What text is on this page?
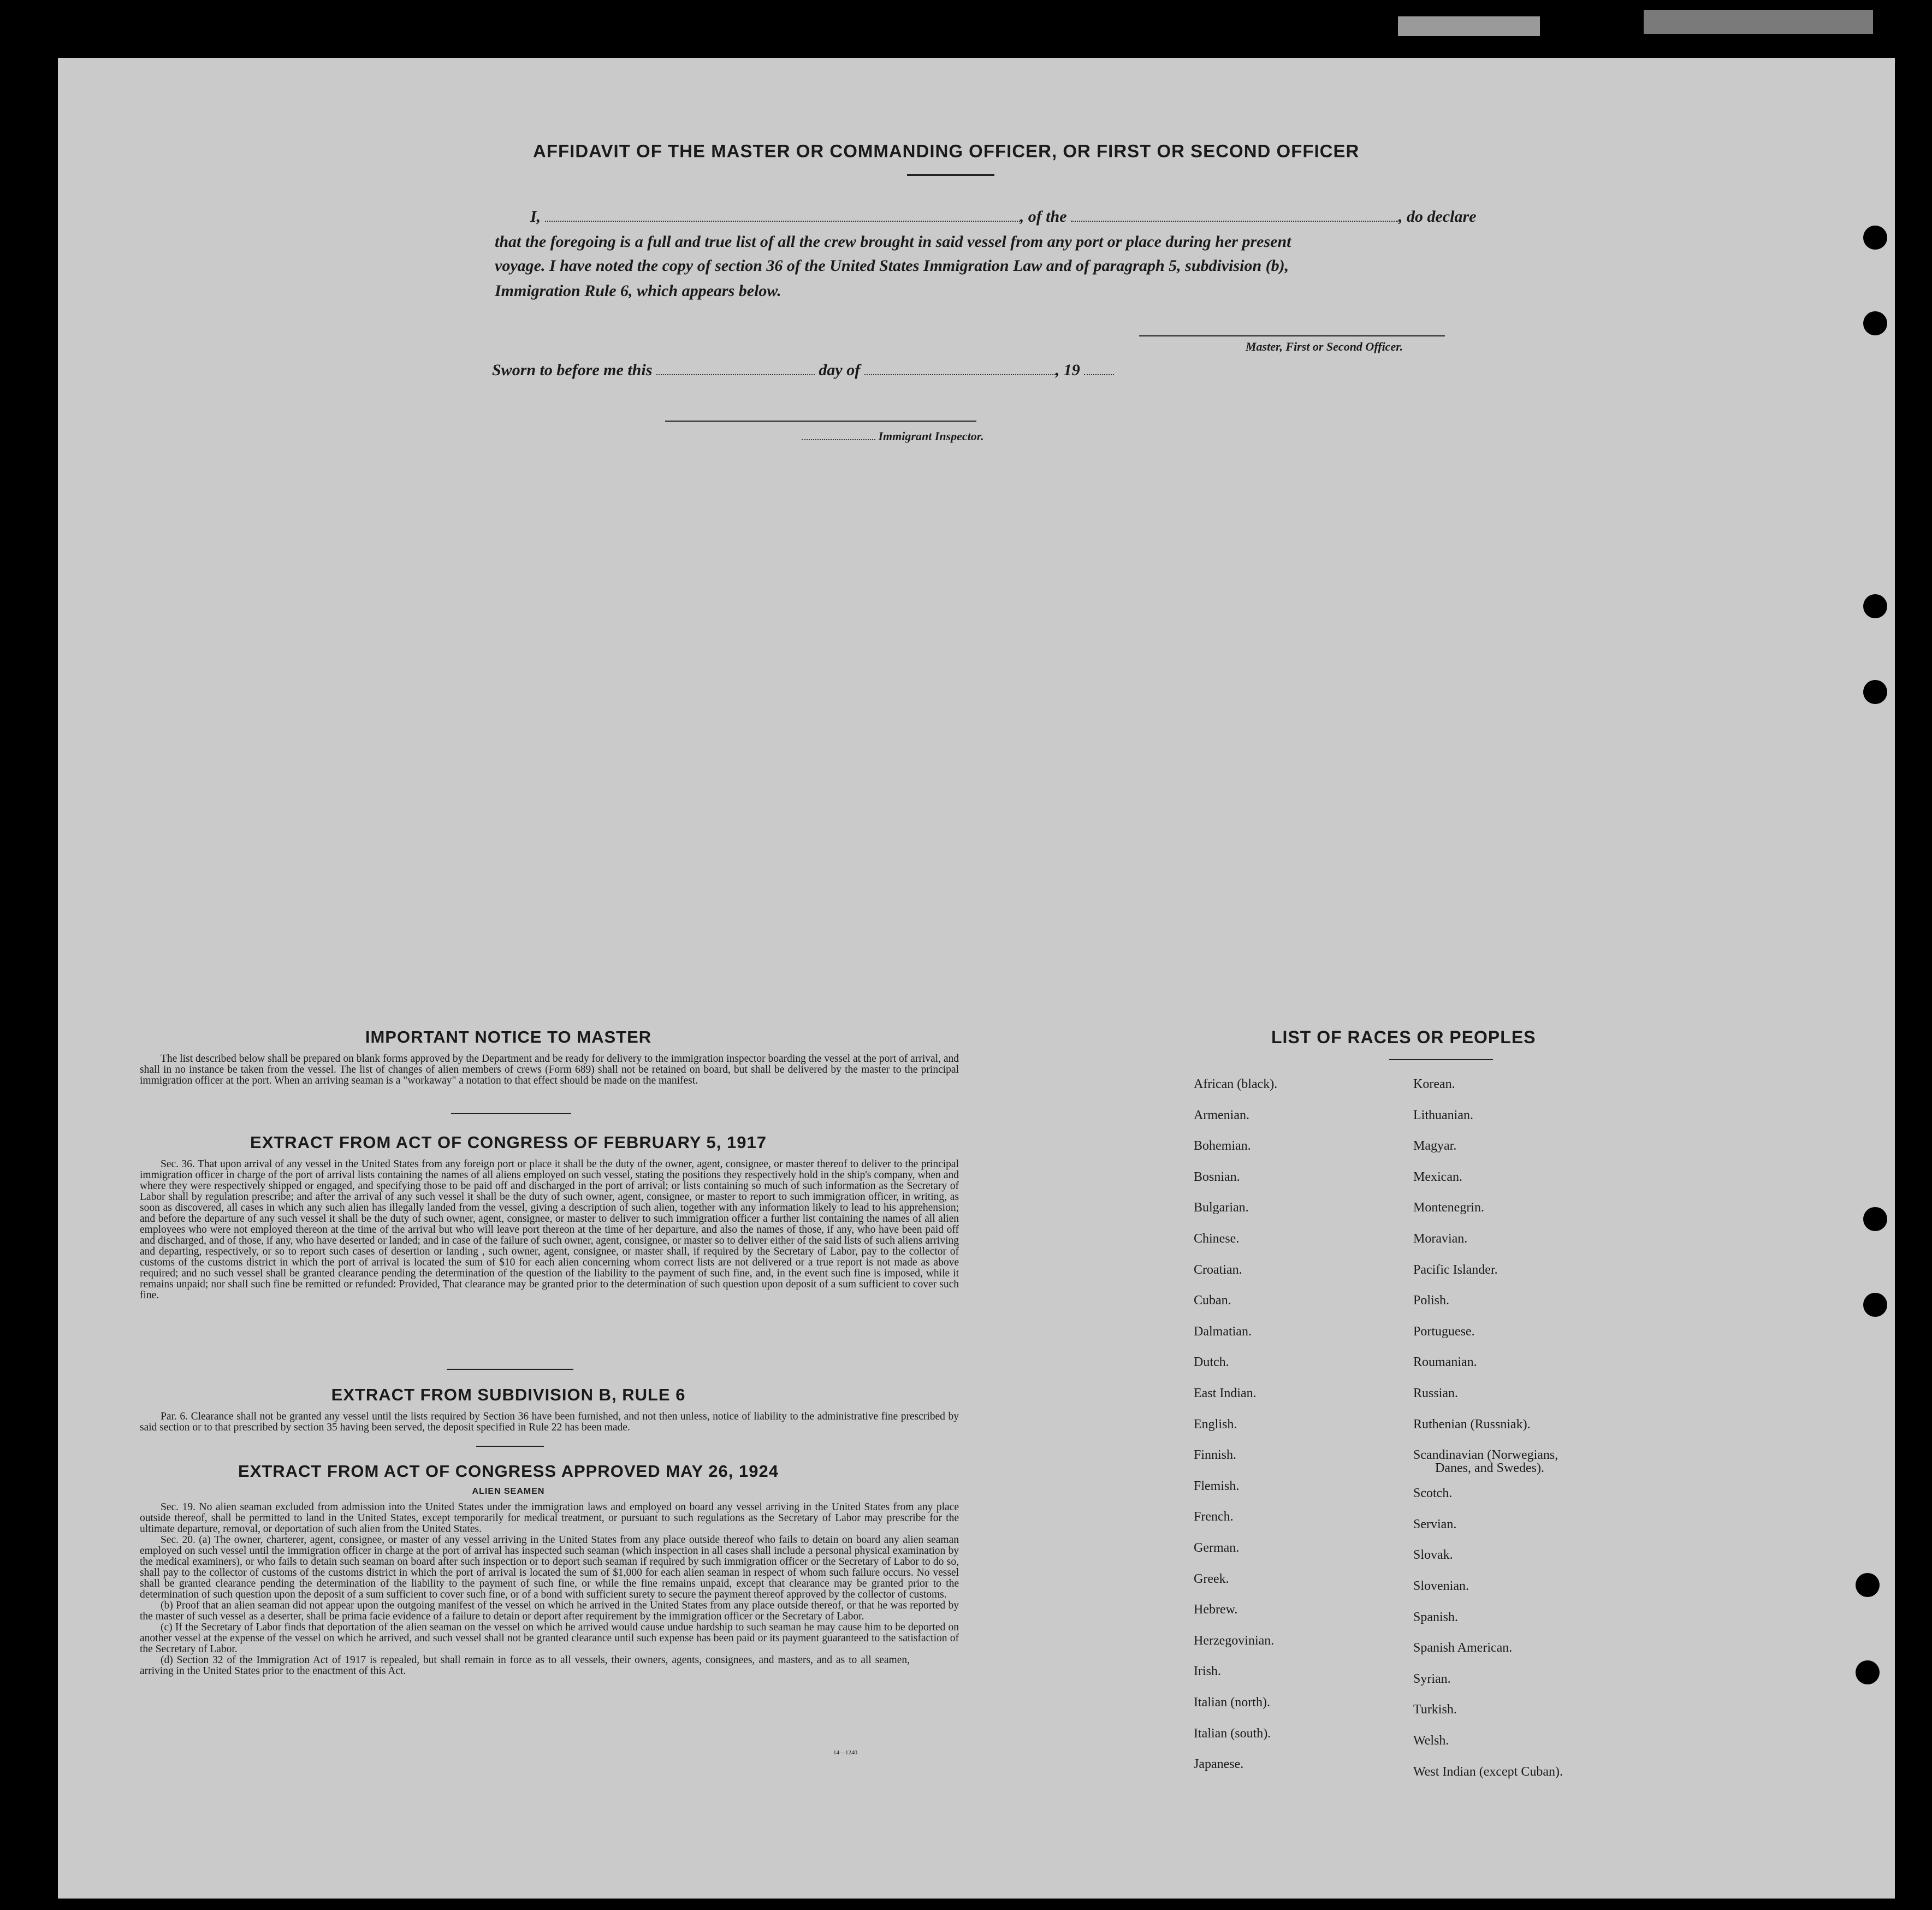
AFFIDAVIT OF THE MASTER OR COMMANDING OFFICER, OR FIRST OR SECOND OFFICER
I,	, of the	, do declare
that the foregoing is a full and true list of all the crew brought in said vessel from any port or place during her present
voyage. I have noted the copy of section 36 of the United States Immigration Law and of paragraph 5, subdivision (b),
Immigration Rule 6, which appears below.
Master, First or Second Officer.
Sworn to before me this	day of	, 19
Immigrant Inspector.
IMPORTANT NOTICE TO MASTER
The list described below shall be prepared on blank forms approved by the Department and be ready for delivery to the immigration inspector boarding the vessel at the port of arrival, and shall in no instance be taken from the vessel. The list of changes of alien members of crews (Form 689) shall not be retained on board, but shall be delivered by the master to the principal immigration officer at the port. When an arriving seaman is a "workaway" a notation to that effect should be made on the manifest.
EXTRACT FROM ACT OF CONGRESS OF FEBRUARY 5, 1917
Sec. 36. That upon arrival of any vessel in the United States from any foreign port or place it shall be the duty of the owner, agent, consignee, or master thereof to deliver to the principal immigration officer in charge of the port of arrival lists containing the names of all aliens employed on such vessel, stating the positions they respectively hold in the ship's company, when and where they were respectively shipped or engaged, and specifying those to be paid off and discharged in the port of arrival; or lists containing so much of such information as the Secretary of Labor shall by regulation prescribe; and after the arrival of any such vessel it shall be the duty of such owner, agent, consignee, or master to report to such immigration officer, in writing, as soon as discovered, all cases in which any such alien has illegally landed from the vessel, giving a description of such alien, together with any information likely to lead to his apprehension; and before the departure of any such vessel it shall be the duty of such owner, agent, consignee, or master to deliver to such immigration officer a further list containing the names of all alien employees who were not employed thereon at the time of the arrival but who will leave port thereon at the time of her departure, and also the names of those, if any, who have been paid off and discharged, and of those, if any, who have deserted or landed; and in case of the failure of such owner, agent, consignee, or master so to deliver either of the said lists of such aliens arriving and departing, respectively, or so to report such cases of desertion or landing , such owner, agent, consignee, or master shall, if required by the Secretary of Labor, pay to the collector of customs of the customs district in which the port of arrival is located the sum of $10 for each alien concerning whom correct lists are not delivered or a true report is not made as above required; and no such vessel shall be granted clearance pending the determination of the question of the liability to the payment of such fine, and, in the event such fine is imposed, while it remains unpaid; nor shall such fine be remitted or refunded: Provided, That clearance may be granted prior to the determination of such question upon deposit of a sum sufficient to cover such fine.
EXTRACT FROM SUBDIVISION B, RULE 6
Par. 6. Clearance shall not be granted any vessel until the lists required by Section 36 have been furnished, and not then unless, notice of liability to the administrative fine prescribed by said section or to that prescribed by section 35 having been served, the deposit specified in Rule 22 has been made.
EXTRACT FROM ACT OF CONGRESS APPROVED MAY 26, 1924
ALIEN SEAMEN
Sec. 19. No alien seaman excluded from admission into the United States under the immigration laws and employed on board any vessel arriving in the United States from any place outside thereof, shall be permitted to land in the United States, except temporarily for medical treatment, or pursuant to such regulations as the Secretary of Labor may prescribe for the ultimate departure, removal, or deportation of such alien from the United States.
Sec. 20. (a) The owner, charterer, agent, consignee, or master of any vessel arriving in the United States from any place outside thereof who fails to detain on board any alien seaman employed on such vessel until the immigration officer in charge at the port of arrival has inspected such seaman (which inspection in all cases shall include a personal physical examination by the medical examiners), or who fails to detain such seaman on board after such inspection or to deport such seaman if required by such immigration officer or the Secretary of Labor to do so, shall pay to the collector of customs of the customs district in which the port of arrival is located the sum of $1,000 for each alien seaman in respect of whom such failure occurs. No vessel shall be granted clearance pending the determination of the liability to the payment of such fine, or while the fine remains unpaid, except that clearance may be granted prior to the determination of such question upon the deposit of a sum sufficient to cover such fine, or of a bond with sufficient surety to secure the payment thereof approved by the collector of customs.
(b) Proof that an alien seaman did not appear upon the outgoing manifest of the vessel on which he arrived in the United States from any place outside thereof, or that he was reported by the master of such vessel as a deserter, shall be prima facie evidence of a failure to detain or deport after requirement by the immigration officer or the Secretary of Labor.
(c) If the Secretary of Labor finds that deportation of the alien seaman on the vessel on which he arrived would cause undue hardship to such seaman he may cause him to be deported on another vessel at the expense of the vessel on which he arrived, and such vessel shall not be granted clearance until such expense has been paid or its payment guaranteed to the satisfaction of the Secretary of Labor.
(d) Section 32 of the Immigration Act of 1917 is repealed, but shall remain in force as to all vessels, their owners, agents, consignees, and masters, and as to all seamen, arriving in the United States prior to the enactment of this Act.
14—1240
LIST OF RACES OR PEOPLES
African (black).
Armenian.
Bohemian.
Bosnian.
Bulgarian.
Chinese.
Croatian.
Cuban.
Dalmatian.
Dutch.
East Indian.
English.
Finnish.
Flemish.
French.
German.
Greek.
Hebrew.
Herzegovinian.
Irish.
Italian (north).
Italian (south).
Japanese.
Korean.
Lithuanian.
Magyar.
Mexican.
Montenegrin.
Moravian.
Pacific Islander.
Polish.
Portuguese.
Roumanian.
Russian.
Ruthenian (Russniak).
Scandinavian (Norwegians,
Danes, and Swedes).
Scotch.
Servian.
Slovak.
Slovenian.
Spanish.
Spanish American.
Syrian.
Turkish.
Welsh.
West Indian (except Cuban).
